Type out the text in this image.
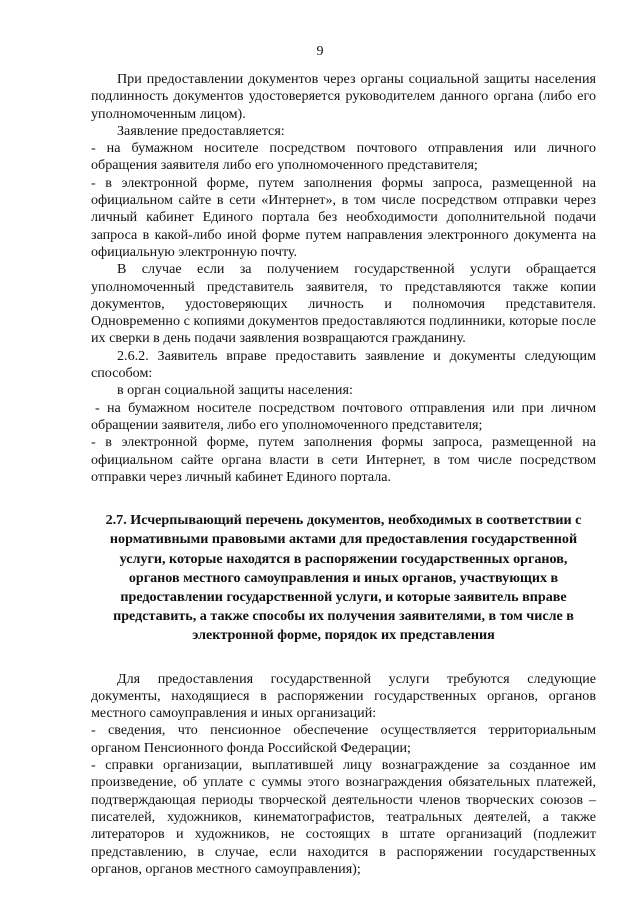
9

При предоставлении документов через органы социальной защиты населения подлинность документов удостоверяется руководителем данного органа (либо его уполномоченным лицом).

Заявление предоставляется:

- на бумажном носителе посредством почтового отправления или личного обращения заявителя либо его уполномоченного представителя;

- в электронной форме, путем заполнения формы запроса, размещенной на официальном сайте в сети «Интернет», в том числе посредством отправки через личный кабинет Единого портала без необходимости дополнительной подачи запроса в какой-либо иной форме путем направления электронного документа на официальную электронную почту.

В случае если за получением государственной услуги обращается уполномоченный представитель заявителя, то представляются также копии документов, удостоверяющих личность и полномочия представителя. Одновременно с копиями документов предоставляются подлинники, которые после их сверки в день подачи заявления возвращаются гражданину.

2.6.2. Заявитель вправе предоставить заявление и документы следующим способом:

в орган социальной защиты населения:

- на бумажном носителе посредством почтового отправления или при личном обращении заявителя, либо его уполномоченного представителя;

- в электронной форме, путем заполнения формы запроса, размещенной на официальном сайте органа власти в сети Интернет, в том числе посредством отправки через личный кабинет Единого портала.

2.7. Исчерпывающий перечень документов, необходимых в соответствии с нормативными правовыми актами для предоставления государственной услуги, которые находятся в распоряжении государственных органов, органов местного самоуправления и иных органов, участвующих в предоставлении государственной услуги, и которые заявитель вправе представить, а также способы их получения заявителями, в том числе в электронной форме, порядок их представления

Для предоставления государственной услуги требуются следующие документы, находящиеся в распоряжении государственных органов, органов местного самоуправления и иных организаций:

- сведения, что пенсионное обеспечение осуществляется территориальным органом Пенсионного фонда Российской Федерации;

- справки организации, выплатившей лицу вознаграждение за созданное им произведение, об уплате с суммы этого вознаграждения обязательных платежей, подтверждающая периоды творческой деятельности членов творческих союзов – писателей, художников, кинематографистов, театральных деятелей, а также литераторов и художников, не состоящих в штате организаций (подлежит представлению, в случае, если находится в распоряжении государственных органов, органов местного самоуправления);
